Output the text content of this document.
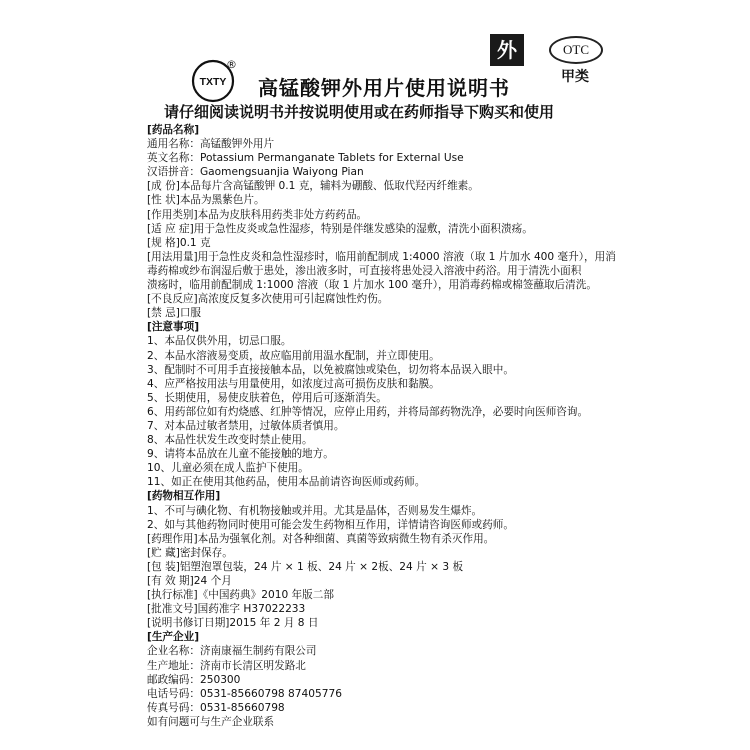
TXTY
®
外	OTC
甲类
高锰酸钾外用片使用说明书
请仔细阅读说明书并按说明使用或在药师指导下购买和使用
[药品名称]
通用名称：高锰酸钾外用片
英文名称：Potassium Permanganate Tablets for External Use
汉语拼音：Gaomengsuanjia Waiyong Pian
[成 份]本品每片含高锰酸钾 0.1 克，辅料为硼酸、低取代羟丙纤维素。
[性 状]本品为黑紫色片。
[作用类别]本品为皮肤科用药类非处方药药品。
[适 应 症]用于急性皮炎或急性湿疹，特别是伴继发感染的湿敷，清洗小面积溃疡。
[规 格]0.1 克
[用法用量]用于急性皮炎和急性湿疹时，临用前配制成 1:4000 溶液（取 1 片加水 400 毫升），用消
毒药棉或纱布润湿后敷于患处，渗出液多时，可直接将患处浸入溶液中药浴。用于清洗小面积
溃疡时，临用前配制成 1:1000 溶液（取 1 片加水 100 毫升），用消毒药棉或棉签蘸取后清洗。
[不良反应]高浓度反复多次使用可引起腐蚀性灼伤。
[禁 忌]口服
[注意事项]
1、本品仅供外用，切忌口服。
2、本品水溶液易变质，故应临用前用温水配制，并立即使用。
3、配制时不可用手直接接触本品，以免被腐蚀或染色，切勿将本品误入眼中。
4、应严格按用法与用量使用，如浓度过高可损伤皮肤和黏膜。
5、长期使用，易使皮肤着色，停用后可逐渐消失。
6、用药部位如有灼烧感、红肿等情况，应停止用药，并将局部药物洗净，必要时向医师咨询。
7、对本品过敏者禁用，过敏体质者慎用。
8、本品性状发生改变时禁止使用。
9、请将本品放在儿童不能接触的地方。
10、儿童必须在成人监护下使用。
11、如正在使用其他药品，使用本品前请咨询医师或药师。
[药物相互作用]
1、不可与碘化物、有机物接触或并用。尤其是晶体，否则易发生爆炸。
2、如与其他药物同时使用可能会发生药物相互作用，详情请咨询医师或药师。
[药理作用]本品为强氧化剂。对各种细菌、真菌等致病微生物有杀灭作用。
[贮 藏]密封保存。
[包 装]铝塑泡罩包装，24 片 × 1 板、24 片 × 2板、24 片 × 3 板
[有 效 期]24 个月
[执行标准]《中国药典》2010 年版二部
[批准文号]国药准字 H37022233
[说明书修订日期]2015 年 2 月 8 日
[生产企业]
企业名称：济南康福生制药有限公司
生产地址：济南市长清区明发路北
邮政编码：250300
电话号码：0531-85660798 87405776
传真号码：0531-85660798
如有问题可与生产企业联系
